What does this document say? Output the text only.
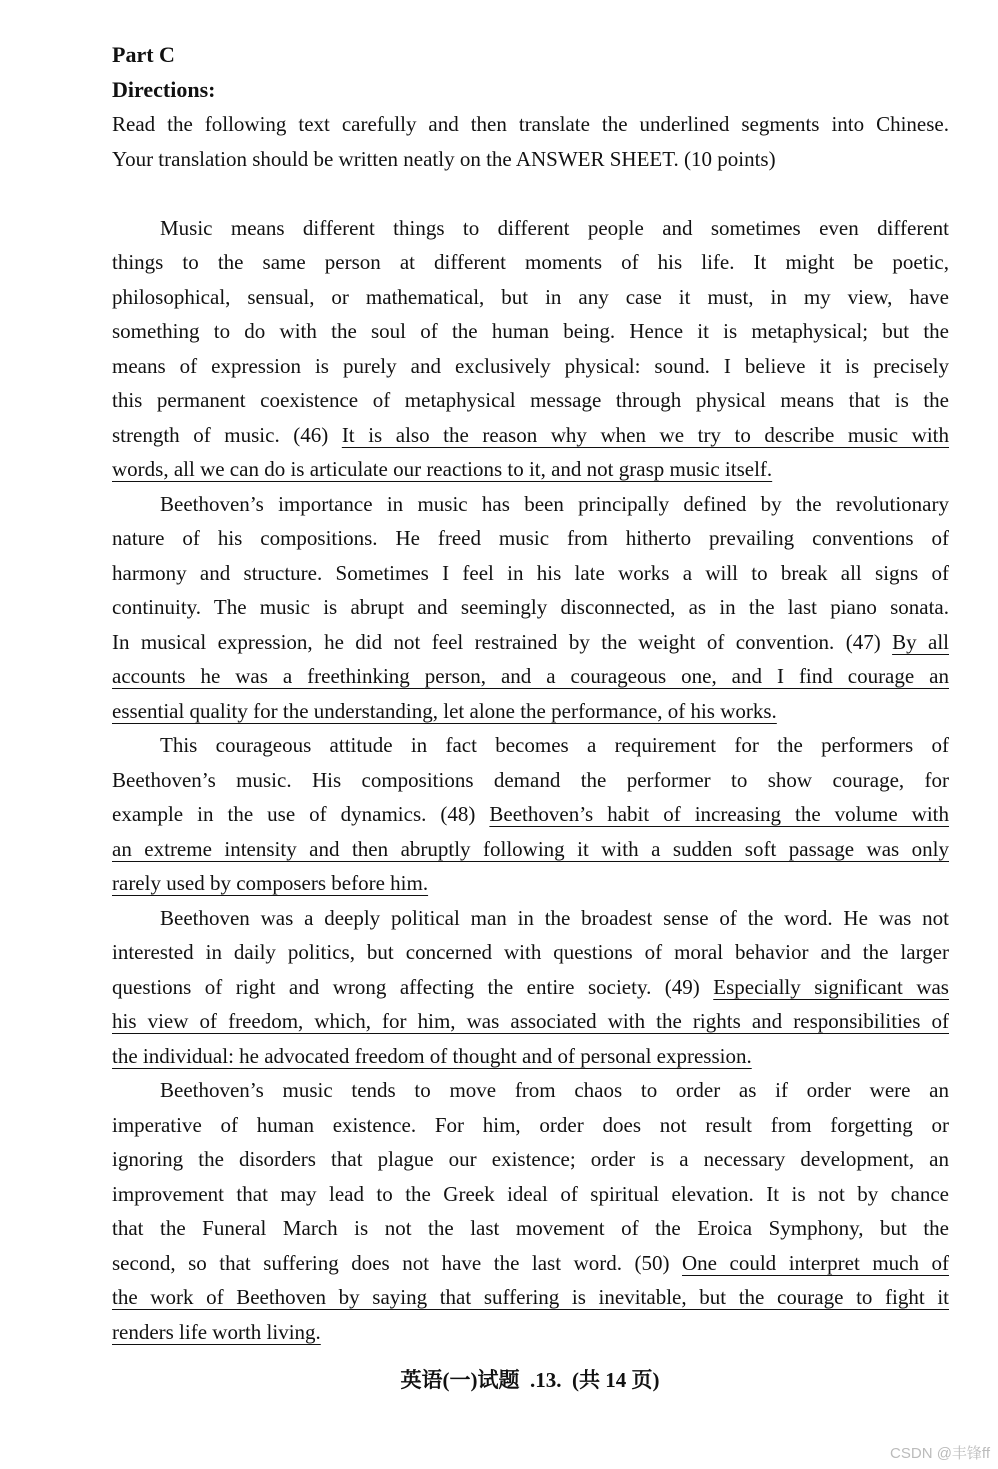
Part C
Directions:
Read the following text carefully and then translate the underlined segments into Chinese.
Your translation should be written neatly on the ANSWER SHEET. (10 points)
Music means different things to different people and sometimes even different
things to the same person at different moments of his life. It might be poetic,
philosophical, sensual, or mathematical, but in any case it must, in my view, have
something to do with the soul of the human being. Hence it is metaphysical; but the
means of expression is purely and exclusively physical: sound. I believe it is precisely
this permanent coexistence of metaphysical message through physical means that is the
strength of music. (46) It is also the reason why when we try to describe music with
words, all we can do is articulate our reactions to it, and not grasp music itself.
Beethoven’s importance in music has been principally defined by the revolutionary
nature of his compositions. He freed music from hitherto prevailing conventions of
harmony and structure. Sometimes I feel in his late works a will to break all signs of
continuity. The music is abrupt and seemingly disconnected, as in the last piano sonata.
In musical expression, he did not feel restrained by the weight of convention. (47) By all
accounts he was a freethinking person, and a courageous one, and I find courage an
essential quality for the understanding, let alone the performance, of his works.
This courageous attitude in fact becomes a requirement for the performers of
Beethoven’s music. His compositions demand the performer to show courage, for
example in the use of dynamics. (48) Beethoven’s habit of increasing the volume with
an extreme intensity and then abruptly following it with a sudden soft passage was only
rarely used by composers before him.
Beethoven was a deeply political man in the broadest sense of the word. He was not
interested in daily politics, but concerned with questions of moral behavior and the larger
questions of right and wrong affecting the entire society. (49) Especially significant was
his view of freedom, which, for him, was associated with the rights and responsibilities of
the individual: he advocated freedom of thought and of personal expression.
Beethoven’s music tends to move from chaos to order as if order were an
imperative of human existence. For him, order does not result from forgetting or
ignoring the disorders that plague our existence; order is a necessary development, an
improvement that may lead to the Greek ideal of spiritual elevation. It is not by chance
that the Funeral March is not the last movement of the Eroica Symphony, but the
second, so that suffering does not have the last word. (50) One could interpret much of
the work of Beethoven by saying that suffering is inevitable, but the courage to fight it
renders life worth living.
英语(一)试题  .13.  (共 14 页)
CSDN @丰锋ff
